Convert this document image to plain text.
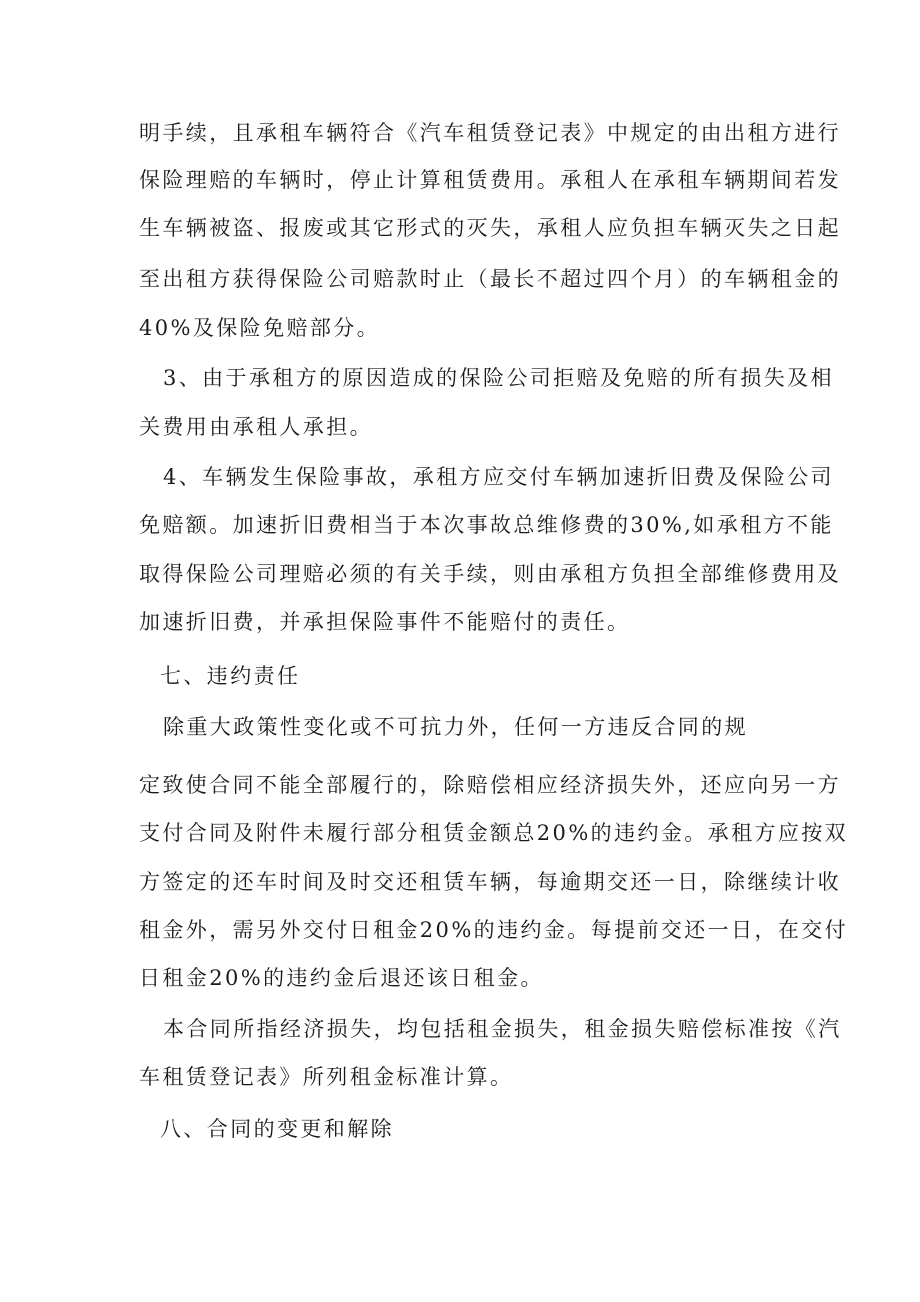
明手续，且承租车辆符合《汽车租赁登记表》中规定的由出租方进行
保险理赔的车辆时，停止计算租赁费用。承租人在承租车辆期间若发
生车辆被盗、报废或其它形式的灭失，承租人应负担车辆灭失之日起
至出租方获得保险公司赔款时止（最长不超过四个月）的车辆租金的
40%及保险免赔部分。
3、由于承租方的原因造成的保险公司拒赔及免赔的所有损失及相
关费用由承租人承担。
4、车辆发生保险事故，承租方应交付车辆加速折旧费及保险公司
免赔额。加速折旧费相当于本次事故总维修费的30%,如承租方不能
取得保险公司理赔必须的有关手续，则由承租方负担全部维修费用及
加速折旧费，并承担保险事件不能赔付的责任。
七、违约责任
除重大政策性变化或不可抗力外，任何一方违反合同的规
定致使合同不能全部履行的，除赔偿相应经济损失外，还应向另一方
支付合同及附件未履行部分租赁金额总20%的违约金。承租方应按双
方签定的还车时间及时交还租赁车辆，每逾期交还一日，除继续计收
租金外，需另外交付日租金20%的违约金。每提前交还一日，在交付
日租金20%的违约金后退还该日租金。
本合同所指经济损失，均包括租金损失，租金损失赔偿标准按《汽
车租赁登记表》所列租金标准计算。
八、合同的变更和解除
